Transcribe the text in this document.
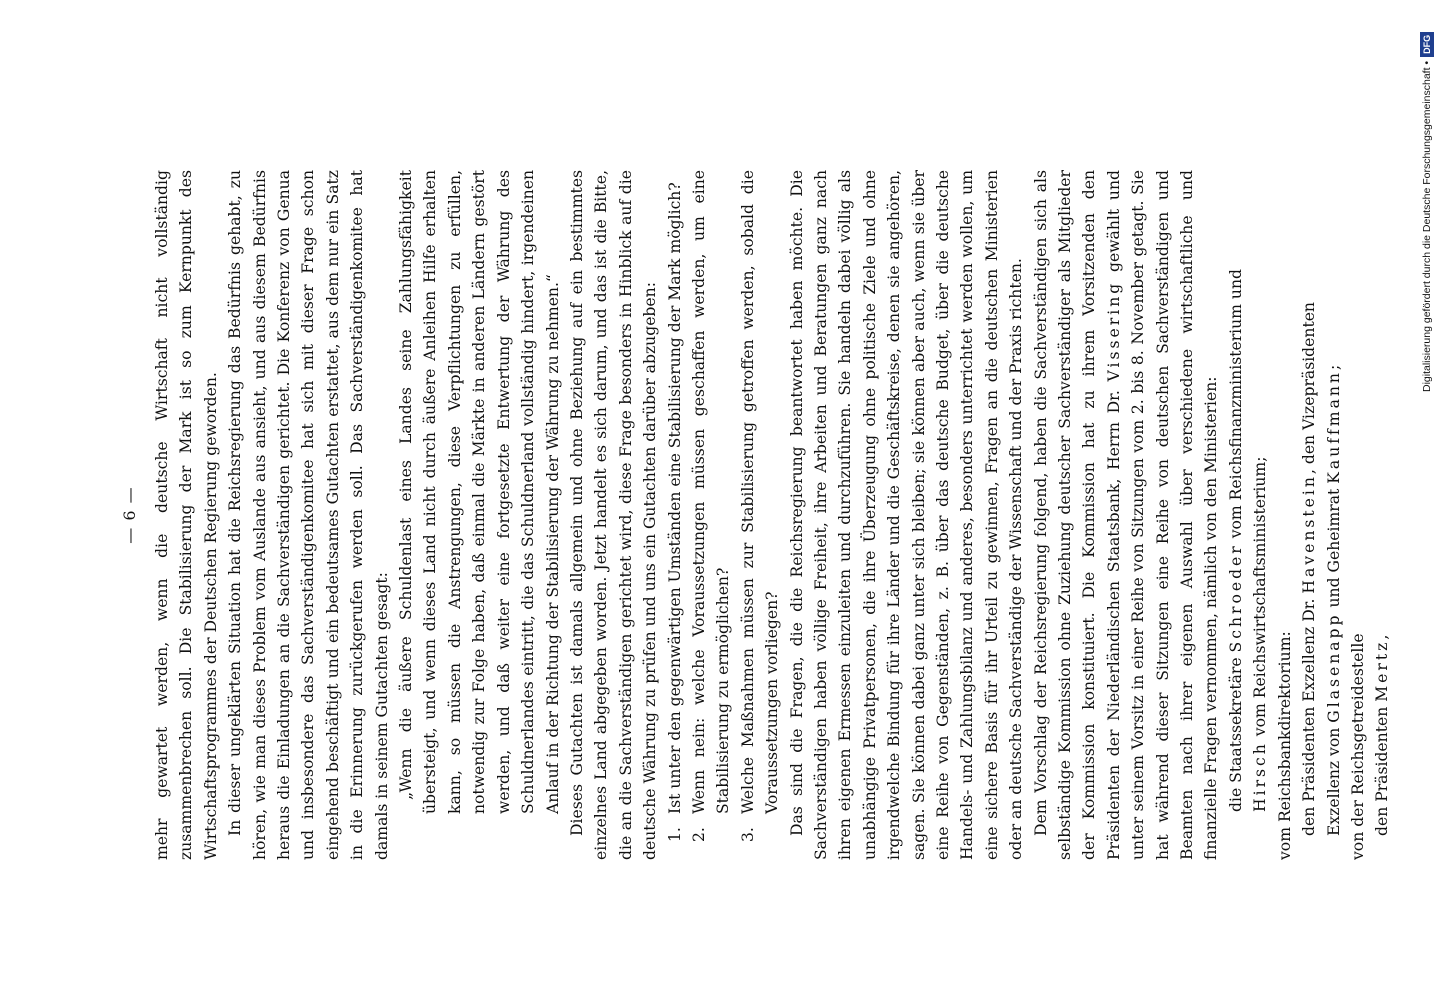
— 6 — mehr gewartet werden, wenn die deutsche Wirtschaft nicht vollständig zusammenbrechen soll. Die Stabilisierung der Mark ist so zum Kernpunkt des Wirtschaftsprogrammes der Deutschen Regierung geworden. In dieser ungeklärten Situation hat die Reichsregierung das Bedürfnis gehabt, zu hören, wie man dieses Problem vom Auslande aus ansieht, und aus diesem Bedürfnis heraus die Einladungen an die Sachverständigen gerichtet. Die Konferenz von Genua und insbesondere das Sachverständigenkomitee hat sich mit dieser Frage schon eingehend beschäftigt und ein bedeutsames Gutachten erstattet, aus dem nur ein Satz in die Erinnerung zurückgerufen werden soll. Das Sachverständigenkomitee hat damals in seinem Gutachten gesagt: „Wenn die äußere Schuldenlast eines Landes seine Zahlungsfähigkeit übersteigt, und wenn dieses Land nicht durch äußere Anleihen Hilfe erhalten kann, so müssen die Anstrengungen, diese Verpflichtungen zu erfüllen, notwendig zur Folge haben, daß einmal die Märkte in anderen Ländern gestört werden, und daß weiter eine fortgesetzte Entwertung der Währung des Schuldnerlandes eintritt, die das Schuldnerland vollständig hindert, irgendeinen Anlauf in der Richtung der Stabilisierung der Währung zu nehmen.“ Dieses Gutachten ist damals allgemein und ohne Beziehung auf ein bestimmtes einzelnes Land abgegeben worden. Jetzt handelt es sich darum, und das ist die Bitte, die an die Sachverständigen gerichtet wird, diese Frage besonders in Hinblick auf die deutsche Währung zu prüfen und uns ein Gutachten darüber abzugeben: 1.
Ist unter den gegenwärtigen Umständen eine Stabilisierung der Mark möglich?
2.
Wenn nein: welche Voraussetzungen müssen geschaffen werden, um eine Stabilisierung zu ermöglichen?
3.
Welche Maßnahmen müssen zur Stabilisierung getroffen werden, sobald die Voraussetzungen vorliegen? Das sind die Fragen, die die Reichsregierung beantwortet haben möchte. Die Sachverständigen haben völlige Freiheit, ihre Arbeiten und Beratungen ganz nach ihren eigenen Ermessen einzuleiten und durchzuführen. Sie handeln dabei völlig als unabhängige Privatpersonen, die ihre Überzeugung ohne politische Ziele und ohne irgendwelche Bindung für ihre Länder und die Geschäftskreise, denen sie angehören, sagen. Sie können dabei ganz unter sich bleiben; sie können aber auch, wenn sie über eine Reihe von Gegenständen, z. B. über das deutsche Budget, über die deutsche Handels- und Zahlungsbilanz und anderes, besonders unterrichtet werden wollen, um eine sichere Basis für ihr Urteil zu gewinnen, Fragen an die deutschen Ministerien oder an deutsche Sachverständige der Wissenschaft und der Praxis richten. Dem Vorschlag der Reichsregierung folgend, haben die Sachverständigen sich als selbständige Kommission ohne Zuziehung deutscher Sachverständiger als Mitglieder der Kommission konstituiert. Die Kommission hat zu ihrem Vorsitzenden den Präsidenten der Niederländischen Staatsbank, Herrn Dr. Vissering gewählt und unter seinem Vorsitz in einer Reihe von Sitzungen vom 2. bis 8. November getagt. Sie hat während dieser Sitzungen eine Reihe von deutschen Sachverständigen und Beamten nach ihrer eigenen Auswahl über verschiedene wirtschaftliche und finanzielle Fragen vernommen, nämlich von den Ministerien: die Staatssekretäre Schroeder vom Reichsfinanzministerium und

Hirsch vom Reichswirtschaftsministerium;

vom Reichsbankdirektorium: den Präsidenten Exzellenz Dr. Havenstein, den Vizepräsidenten

Exzellenz von Glasenapp und Geheimrat Kauffmann;

von der Reichsgetreidestelle den Präsidenten Mertz,

Digitalisierung gefördert durch die Deutsche Forschungsgemeinschaft •
DFG
